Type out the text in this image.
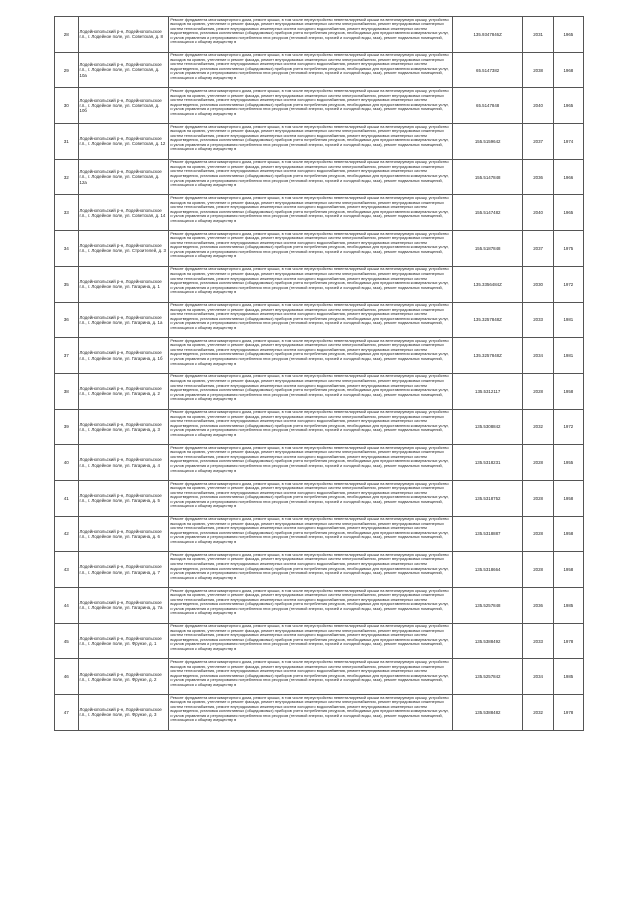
28	Лодейнопольский р-н, Лодейнопольское г.п., г. Лодейное поле, ул. Советская, д. 8	Ремонт фундамента многоквартирного дома, ремонт крыши, в том числе переустройство невентилируемой крыши на вентилируемую крышу, устройство выходов на кровлю, утепление и ремонт фасада, ремонт внутридомовых инженерных систем электроснабжения, ремонт внутридомовых инженерных систем теплоснабжения, ремонт внутридомовых инженерных систем холодного водоснабжения, ремонт внутридомовых инженерных систем водоотведения, установка коллективных (общедомовых) приборов учета потребления ресурсов, необходимых для предоставления коммунальных услуг, и узлов управления и регулирования потребления этих ресурсов (тепловой энергии, горячей и холодной воды, газа), ремонт подвальных помещений, относящихся к общему имуществу в	135.9347846Z	2031	1965
29	Лодейнопольский р-н, Лодейнопольское г.п., г. Лодейное поле, ул. Советская, д. 10а	Ремонт фундамента многоквартирного дома, ремонт крыши, в том числе переустройство невентилируемой крыши на вентилируемую крышу, устройство выходов на кровлю, утепление и ремонт фасада, ремонт внутридомовых инженерных систем электроснабжения, ремонт внутридомовых инженерных систем теплоснабжения, ремонт внутридомовых инженерных систем холодного водоснабжения, ремонт внутридомовых инженерных систем водоотведения, установка коллективных (общедомовых) приборов учета потребления ресурсов, необходимых для предоставления коммунальных услуг, и узлов управления и регулирования потребления этих ресурсов (тепловой энергии, горячей и холодной воды, газа), ремонт подвальных помещений, относящихся к общему имуществу в	65.5147382	2038	1968
30	Лодейнопольский р-н, Лодейнопольское г.п., г. Лодейное поле, ул. Советская, д. 10б	Ремонт фундамента многоквартирного дома, ремонт крыши, в том числе переустройство невентилируемой крыши на вентилируемую крышу, устройство выходов на кровлю, утепление и ремонт фасада, ремонт внутридомовых инженерных систем электроснабжения, ремонт внутридомовых инженерных систем теплоснабжения, ремонт внутридомовых инженерных систем холодного водоснабжения, ремонт внутридомовых инженерных систем водоотведения, установка коллективных (общедомовых) приборов учета потребления ресурсов, необходимых для предоставления коммунальных услуг, и узлов управления и регулирования потребления этих ресурсов (тепловой энергии, горячей и холодной воды, газа), ремонт подвальных помещений, относящихся к общему имуществу в	65.5147848	2040	1965
31	Лодейнопольский р-н, Лодейнопольское г.п., г. Лодейное поле, ул. Советская, д. 12	Ремонт фундамента многоквартирного дома, ремонт крыши, в том числе переустройство невентилируемой крыши на вентилируемую крышу, устройство выходов на кровлю, утепление и ремонт фасада, ремонт внутридомовых инженерных систем электроснабжения, ремонт внутридомовых инженерных систем теплоснабжения, ремонт внутридомовых инженерных систем холодного водоснабжения, ремонт внутридомовых инженерных систем водоотведения, установка коллективных (общедомовых) приборов учета потребления ресурсов, необходимых для предоставления коммунальных услуг, и узлов управления и регулирования потребления этих ресурсов (тепловой энергии, горячей и холодной воды, газа), ремонт подвальных помещений, относящихся к общему имуществу в	155.5159642	2037	1974
32	Лодейнопольский р-н, Лодейнопольское г.п., г. Лодейное поле, ул. Советская, д. 12а	Ремонт фундамента многоквартирного дома, ремонт крыши, в том числе переустройство невентилируемой крыши на вентилируемую крышу, устройство выходов на кровлю, утепление и ремонт фасада, ремонт внутридомовых инженерных систем электроснабжения, ремонт внутридомовых инженерных систем теплоснабжения, ремонт внутридомовых инженерных систем холодного водоснабжения, ремонт внутридомовых инженерных систем водоотведения, установка коллективных (общедомовых) приборов учета потребления ресурсов, необходимых для предоставления коммунальных услуг, и узлов управления и регулирования потребления этих ресурсов (тепловой энергии, горячей и холодной воды, газа), ремонт подвальных помещений, относящихся к общему имуществу в	155.5147848	2036	1966
33	Лодейнопольский р-н, Лодейнопольское г.п., г. Лодейное поле, ул. Советская, д. 14	Ремонт фундамента многоквартирного дома, ремонт крыши, в том числе переустройство невентилируемой крыши на вентилируемую крышу, устройство выходов на кровлю, утепление и ремонт фасада, ремонт внутридомовых инженерных систем электроснабжения, ремонт внутридомовых инженерных систем теплоснабжения, ремонт внутридомовых инженерных систем холодного водоснабжения, ремонт внутридомовых инженерных систем водоотведения, установка коллективных (общедомовых) приборов учета потребления ресурсов, необходимых для предоставления коммунальных услуг, и узлов управления и регулирования потребления этих ресурсов (тепловой энергии, горячей и холодной воды, газа), ремонт подвальных помещений, относящихся к общему имуществу в	155.5147482	2040	1965
34	Лодейнопольский р-н, Лодейнопольское г.п., г. Лодейное поле, ул. Строителей, д. 3	Ремонт фундамента многоквартирного дома, ремонт крыши, в том числе переустройство невентилируемой крыши на вентилируемую крышу, устройство выходов на кровлю, утепление и ремонт фасада, ремонт внутридомовых инженерных систем электроснабжения, ремонт внутридомовых инженерных систем теплоснабжения, ремонт внутридомовых инженерных систем холодного водоснабжения, ремонт внутридомовых инженерных систем водоотведения, установка коллективных (общедомовых) приборов учета потребления ресурсов, необходимых для предоставления коммунальных услуг, и узлов управления и регулирования потребления этих ресурсов (тепловой энергии, горячей и холодной воды, газа), ремонт подвальных помещений, относящихся к общему имуществу в	155.5187848	2037	1975
35	Лодейнопольский р-н, Лодейнопольское г.п., г. Лодейное поле, ул. Гагарина, д. 1	Ремонт фундамента многоквартирного дома, ремонт крыши, в том числе переустройство невентилируемой крыши на вентилируемую крышу, устройство выходов на кровлю, утепление и ремонт фасада, ремонт внутридомовых инженерных систем электроснабжения, ремонт внутридомовых инженерных систем теплоснабжения, ремонт внутридомовых инженерных систем холодного водоснабжения, ремонт внутридомовых инженерных систем водоотведения, установка коллективных (общедомовых) приборов учета потребления ресурсов, необходимых для предоставления коммунальных услуг, и узлов управления и регулирования потребления этих ресурсов (тепловой энергии, горячей и холодной воды, газа), ремонт подвальных помещений, относящихся к общему имуществу в	135.3356484Z	2030	1972
36	Лодейнопольский р-н, Лодейнопольское г.п., г. Лодейное поле, ул. Гагарина, д. 1а	Ремонт фундамента многоквартирного дома, ремонт крыши, в том числе переустройство невентилируемой крыши на вентилируемую крышу, устройство выходов на кровлю, утепление и ремонт фасада, ремонт внутридомовых инженерных систем электроснабжения, ремонт внутридомовых инженерных систем теплоснабжения, ремонт внутридомовых инженерных систем холодного водоснабжения, ремонт внутридомовых инженерных систем водоотведения, установка коллективных (общедомовых) приборов учета потребления ресурсов, необходимых для предоставления коммунальных услуг, и узлов управления и регулирования потребления этих ресурсов (тепловой энергии, горячей и холодной воды, газа), ремонт подвальных помещений, относящихся к общему имуществу в	135.3257848Z	2033	1981
37	Лодейнопольский р-н, Лодейнопольское г.п., г. Лодейное поле, ул. Гагарина, д. 1б	Ремонт фундамента многоквартирного дома, ремонт крыши, в том числе переустройство невентилируемой крыши на вентилируемую крышу, устройство выходов на кровлю, утепление и ремонт фасада, ремонт внутридомовых инженерных систем электроснабжения, ремонт внутридомовых инженерных систем теплоснабжения, ремонт внутридомовых инженерных систем холодного водоснабжения, ремонт внутридомовых инженерных систем водоотведения, установка коллективных (общедомовых) приборов учета потребления ресурсов, необходимых для предоставления коммунальных услуг, и узлов управления и регулирования потребления этих ресурсов (тепловой энергии, горячей и холодной воды, газа), ремонт подвальных помещений, относящихся к общему имуществу в	135.3257848Z	2034	1981
38	Лодейнопольский р-н, Лодейнопольское г.п., г. Лодейное поле, ул. Гагарина, д. 2	Ремонт фундамента многоквартирного дома, ремонт крыши, в том числе переустройство невентилируемой крыши на вентилируемую крышу, устройство выходов на кровлю, утепление и ремонт фасада, ремонт внутридомовых инженерных систем электроснабжения, ремонт внутридомовых инженерных систем теплоснабжения, ремонт внутридомовых инженерных систем холодного водоснабжения, ремонт внутридомовых инженерных систем водоотведения, установка коллективных (общедомовых) приборов учета потребления ресурсов, необходимых для предоставления коммунальных услуг, и узлов управления и регулирования потребления этих ресурсов (тепловой энергии, горячей и холодной воды, газа), ремонт подвальных помещений, относящихся к общему имуществу в	135.5312117	2028	1958
39	Лодейнопольский р-н, Лодейнопольское г.п., г. Лодейное поле, ул. Гагарина, д. 3	Ремонт фундамента многоквартирного дома, ремонт крыши, в том числе переустройство невентилируемой крыши на вентилируемую крышу, устройство выходов на кровлю, утепление и ремонт фасада, ремонт внутридомовых инженерных систем электроснабжения, ремонт внутридомовых инженерных систем теплоснабжения, ремонт внутридомовых инженерных систем холодного водоснабжения, ремонт внутридомовых инженерных систем водоотведения, установка коллективных (общедомовых) приборов учета потребления ресурсов, необходимых для предоставления коммунальных услуг, и узлов управления и регулирования потребления этих ресурсов (тепловой энергии, горячей и холодной воды, газа), ремонт подвальных помещений, относящихся к общему имуществу в	135.5308842	2032	1972
40	Лодейнопольский р-н, Лодейнопольское г.п., г. Лодейное поле, ул. Гагарина, д. 4	Ремонт фундамента многоквартирного дома, ремонт крыши, в том числе переустройство невентилируемой крыши на вентилируемую крышу, устройство выходов на кровлю, утепление и ремонт фасада, ремонт внутридомовых инженерных систем электроснабжения, ремонт внутридомовых инженерных систем теплоснабжения, ремонт внутридомовых инженерных систем холодного водоснабжения, ремонт внутридомовых инженерных систем водоотведения, установка коллективных (общедомовых) приборов учета потребления ресурсов, необходимых для предоставления коммунальных услуг, и узлов управления и регулирования потребления этих ресурсов (тепловой энергии, горячей и холодной воды, газа), ремонт подвальных помещений, относящихся к общему имуществу в	135.5318231	2028	1955
41	Лодейнопольский р-н, Лодейнопольское г.п., г. Лодейное поле, ул. Гагарина, д. 5	Ремонт фундамента многоквартирного дома, ремонт крыши, в том числе переустройство невентилируемой крыши на вентилируемую крышу, устройство выходов на кровлю, утепление и ремонт фасада, ремонт внутридомовых инженерных систем электроснабжения, ремонт внутридомовых инженерных систем теплоснабжения, ремонт внутридомовых инженерных систем холодного водоснабжения, ремонт внутридомовых инженерных систем водоотведения, установка коллективных (общедомовых) приборов учета потребления ресурсов, необходимых для предоставления коммунальных услуг, и узлов управления и регулирования потребления этих ресурсов (тепловой энергии, горячей и холодной воды, газа), ремонт подвальных помещений, относящихся к общему имуществу в	135.5318752	2028	1958
42	Лодейнопольский р-н, Лодейнопольское г.п., г. Лодейное поле, ул. Гагарина, д. 6	Ремонт фундамента многоквартирного дома, ремонт крыши, в том числе переустройство невентилируемой крыши на вентилируемую крышу, устройство выходов на кровлю, утепление и ремонт фасада, ремонт внутридомовых инженерных систем электроснабжения, ремонт внутридомовых инженерных систем теплоснабжения, ремонт внутридомовых инженерных систем холодного водоснабжения, ремонт внутридомовых инженерных систем водоотведения, установка коллективных (общедомовых) приборов учета потребления ресурсов, необходимых для предоставления коммунальных услуг, и узлов управления и регулирования потребления этих ресурсов (тепловой энергии, горячей и холодной воды, газа), ремонт подвальных помещений, относящихся к общему имуществу в	135.5318887	2028	1958
43	Лодейнопольский р-н, Лодейнопольское г.п., г. Лодейное поле, ул. Гагарина, д. 7	Ремонт фундамента многоквартирного дома, ремонт крыши, в том числе переустройство невентилируемой крыши на вентилируемую крышу, устройство выходов на кровлю, утепление и ремонт фасада, ремонт внутридомовых инженерных систем электроснабжения, ремонт внутридомовых инженерных систем теплоснабжения, ремонт внутридомовых инженерных систем холодного водоснабжения, ремонт внутридомовых инженерных систем водоотведения, установка коллективных (общедомовых) приборов учета потребления ресурсов, необходимых для предоставления коммунальных услуг, и узлов управления и регулирования потребления этих ресурсов (тепловой энергии, горячей и холодной воды, газа), ремонт подвальных помещений, относящихся к общему имуществу в	135.5318664	2028	1958
44	Лодейнопольский р-н, Лодейнопольское г.п., г. Лодейное поле, ул. Гагарина, д. 7а	Ремонт фундамента многоквартирного дома, ремонт крыши, в том числе переустройство невентилируемой крыши на вентилируемую крышу, устройство выходов на кровлю, утепление и ремонт фасада, ремонт внутридомовых инженерных систем электроснабжения, ремонт внутридомовых инженерных систем теплоснабжения, ремонт внутридомовых инженерных систем холодного водоснабжения, ремонт внутридомовых инженерных систем водоотведения, установка коллективных (общедомовых) приборов учета потребления ресурсов, необходимых для предоставления коммунальных услуг, и узлов управления и регулирования потребления этих ресурсов (тепловой энергии, горячей и холодной воды, газа), ремонт подвальных помещений, относящихся к общему имуществу в	135.5257848	2036	1985
45	Лодейнопольский р-н, Лодейнопольское г.п., г. Лодейное поле, ул. Фрунзе, д. 1	Ремонт фундамента многоквартирного дома, ремонт крыши, в том числе переустройство невентилируемой крыши на вентилируемую крышу, устройство выходов на кровлю, утепление и ремонт фасада, ремонт внутридомовых инженерных систем электроснабжения, ремонт внутридомовых инженерных систем теплоснабжения, ремонт внутридомовых инженерных систем холодного водоснабжения, ремонт внутридомовых инженерных систем водоотведения, установка коллективных (общедомовых) приборов учета потребления ресурсов, необходимых для предоставления коммунальных услуг, и узлов управления и регулирования потребления этих ресурсов (тепловой энергии, горячей и холодной воды, газа), ремонт подвальных помещений, относящихся к общему имуществу в	135.5388492	2033	1978
46	Лодейнопольский р-н, Лодейнопольское г.п., г. Лодейное поле, ул. Фрунзе, д. 2	Ремонт фундамента многоквартирного дома, ремонт крыши, в том числе переустройство невентилируемой крыши на вентилируемую крышу, устройство выходов на кровлю, утепление и ремонт фасада, ремонт внутридомовых инженерных систем электроснабжения, ремонт внутридомовых инженерных систем теплоснабжения, ремонт внутридомовых инженерных систем холодного водоснабжения, ремонт внутридомовых инженерных систем водоотведения, установка коллективных (общедомовых) приборов учета потребления ресурсов, необходимых для предоставления коммунальных услуг, и узлов управления и регулирования потребления этих ресурсов (тепловой энергии, горячей и холодной воды, газа), ремонт подвальных помещений, относящихся к общему имуществу в	135.5257842	2034	1985
47	Лодейнопольский р-н, Лодейнопольское г.п., г. Лодейное поле, ул. Фрунзе, д. 3	Ремонт фундамента многоквартирного дома, ремонт крыши, в том числе переустройство невентилируемой крыши на вентилируемую крышу, устройство выходов на кровлю, утепление и ремонт фасада, ремонт внутридомовых инженерных систем электроснабжения, ремонт внутридомовых инженерных систем теплоснабжения, ремонт внутридомовых инженерных систем холодного водоснабжения, ремонт внутридомовых инженерных систем водоотведения, установка коллективных (общедомовых) приборов учета потребления ресурсов, необходимых для предоставления коммунальных услуг, и узлов управления и регулирования потребления этих ресурсов (тепловой энергии, горячей и холодной воды, газа), ремонт подвальных помещений, относящихся к общему имуществу в	135.5388482	2032	1978
